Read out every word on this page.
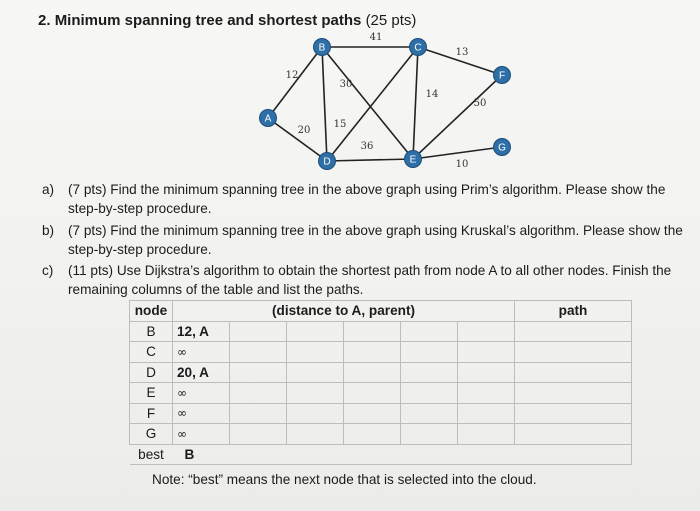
2. Minimum spanning tree and shortest paths (25 pts)
12
20
41
30
15
36
13
14
50
10
A
B	C
D	E
F
G
a)	(7 pts) Find the minimum spanning tree in the above graph using Prim’s algorithm. Please show the step-by-step procedure.
b)	(7 pts) Find the minimum spanning tree in the above graph using Kruskal’s algorithm. Please show the step-by-step procedure.
c)	(11 pts) Use Dijkstra’s algorithm to obtain the shortest path from node A to all other nodes. Finish the remaining columns of the table and list the paths.
node	(distance to A, parent)						path
B	12, A						
C	∞						
D	20, A						
E	∞						
F	∞						
G	∞						
best	B						
Note: “best” means the next node that is selected into the cloud.
